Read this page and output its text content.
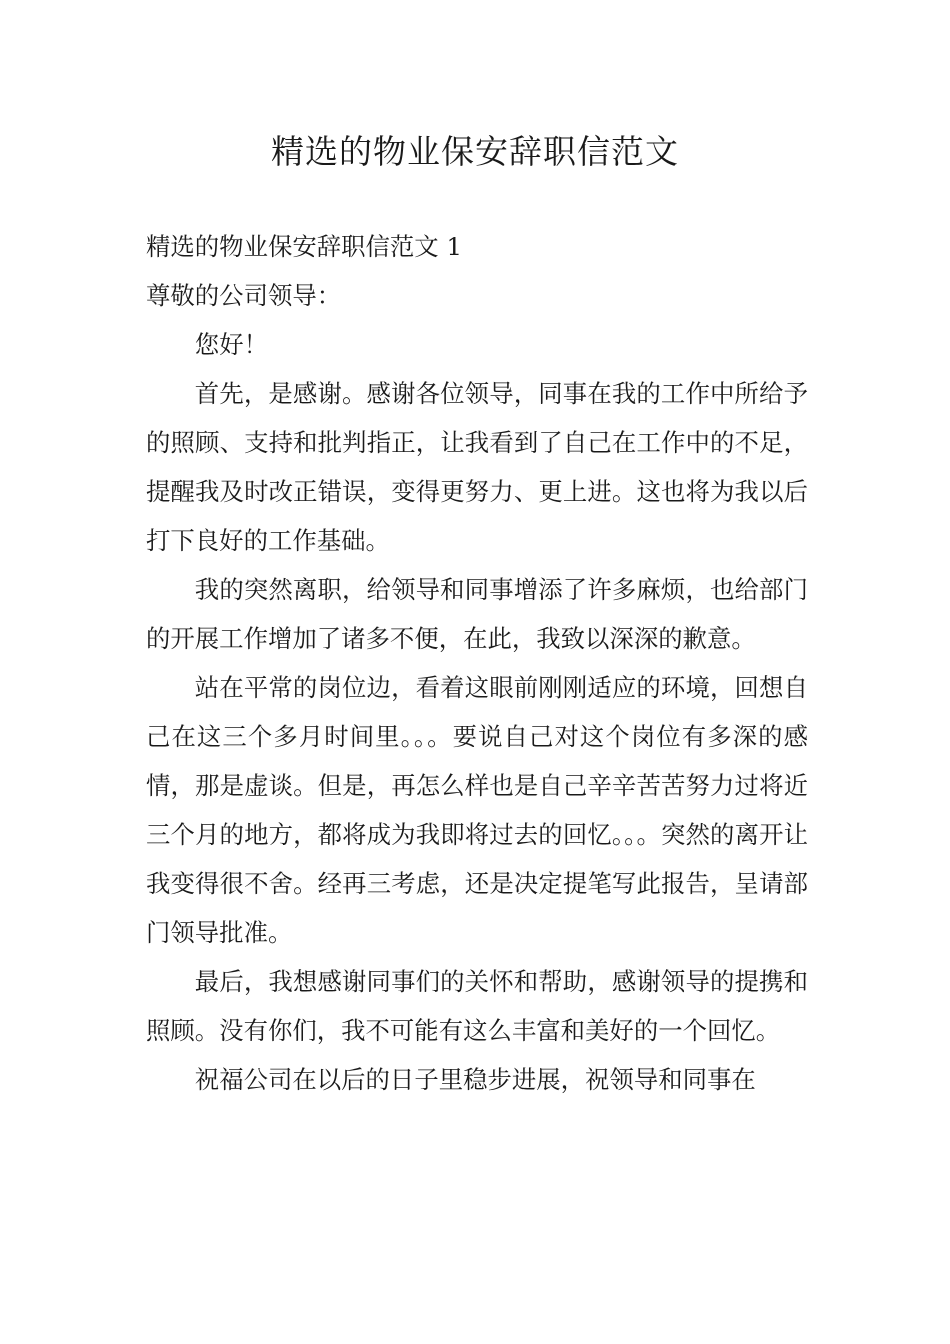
精选的物业保安辞职信范文

精选的物业保安辞职信范文 1

尊敬的公司领导：

您好！

首先，是感谢。感谢各位领导，同事在我的工作中所给予的照顾、支持和批判指正，让我看到了自己在工作中的不足，提醒我及时改正错误，变得更努力、更上进。这也将为我以后打下良好的工作基础。

我的突然离职，给领导和同事增添了许多麻烦，也给部门的开展工作增加了诸多不便，在此，我致以深深的歉意。

站在平常的岗位边，看着这眼前刚刚适应的环境，回想自己在这三个多月时间里。。。要说自己对这个岗位有多深的感情，那是虚谈。但是，再怎么样也是自己辛辛苦苦努力过将近三个月的地方，都将成为我即将过去的回忆。。。突然的离开让我变得很不舍。经再三考虑，还是决定提笔写此报告，呈请部门领导批准。

最后，我想感谢同事们的关怀和帮助，感谢领导的提携和照顾。没有你们，我不可能有这么丰富和美好的一个回忆。

祝福公司在以后的日子里稳步进展，祝领导和同事在
